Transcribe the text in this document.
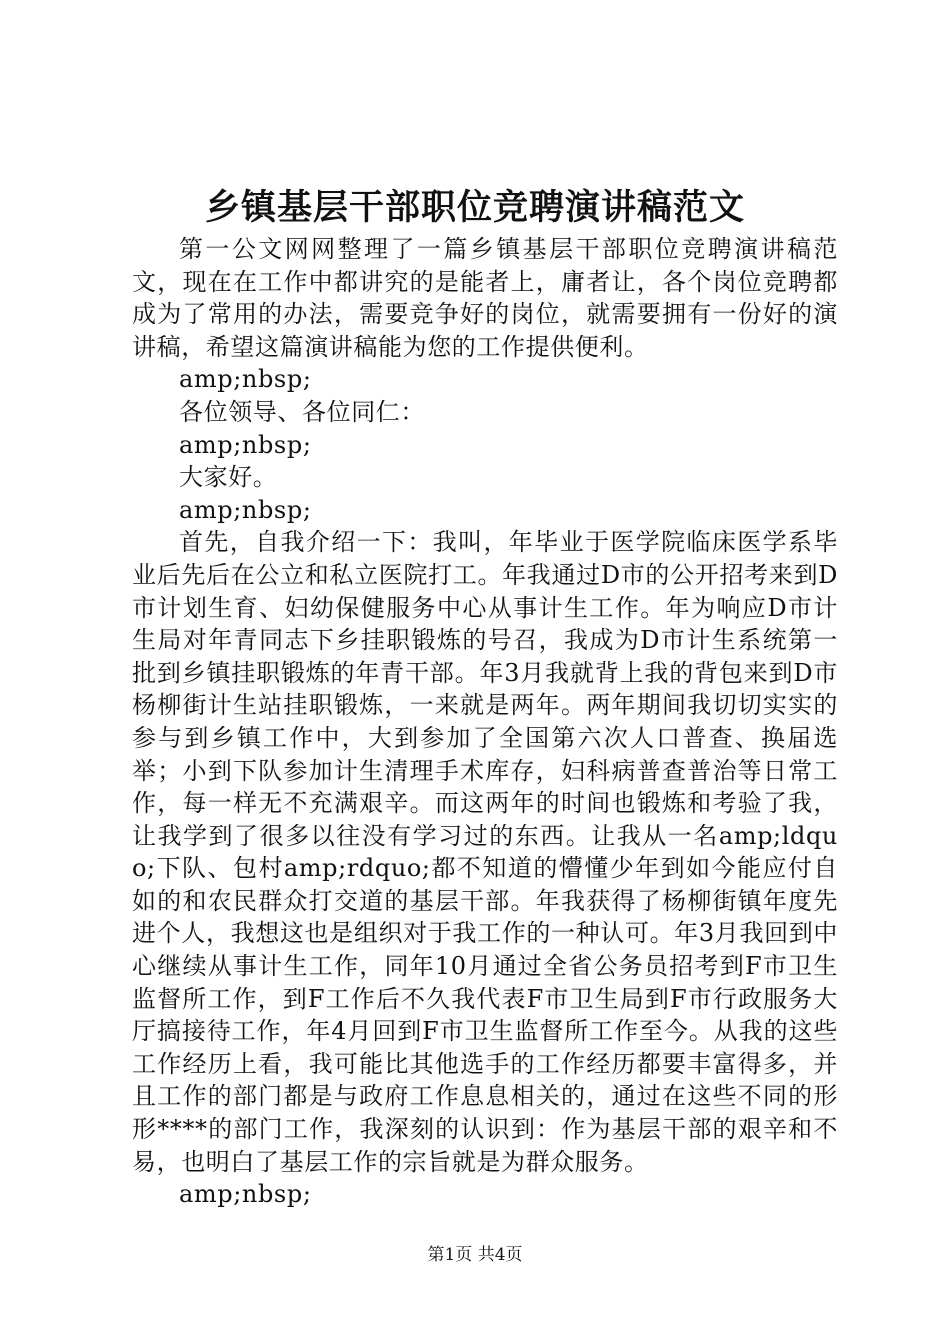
乡镇基层干部职位竞聘演讲稿范文

第一公文网网整理了一篇乡镇基层干部职位竞聘演讲稿范文，现在在工作中都讲究的是能者上，庸者让，各个岗位竞聘都成为了常用的办法，需要竞争好的岗位，就需要拥有一份好的演讲稿，希望这篇演讲稿能为您的工作提供便利。

amp;nbsp;

各位领导、各位同仁：

amp;nbsp;

大家好。

amp;nbsp;

首先，自我介绍一下：我叫，年毕业于医学院临床医学系毕业后先后在公立和私立医院打工。年我通过D市的公开招考来到D市计划生育、妇幼保健服务中心从事计生工作。年为响应D市计生局对年青同志下乡挂职锻炼的号召，我成为D市计生系统第一批到乡镇挂职锻炼的年青干部。年3月我就背上我的背包来到D市杨柳街计生站挂职锻炼，一来就是两年。两年期间我切切实实的参与到乡镇工作中，大到参加了全国第六次人口普查、换届选举；小到下队参加计生清理手术库存，妇科病普查普治等日常工作，每一样无不充满艰辛。而这两年的时间也锻炼和考验了我，让我学到了很多以往没有学习过的东西。让我从一名amp;ldquo;下队、包村amp;rdquo;都不知道的懵懂少年到如今能应付自如的和农民群众打交道的基层干部。年我获得了杨柳街镇年度先进个人，我想这也是组织对于我工作的一种认可。年3月我回到中心继续从事计生工作，同年10月通过全省公务员招考到F市卫生监督所工作，到F工作后不久我代表F市卫生局到F市行政服务大厅搞接待工作，年4月回到F市卫生监督所工作至今。从我的这些工作经历上看，我可能比其他选手的工作经历都要丰富得多，并且工作的部门都是与政府工作息息相关的，通过在这些不同的形形****的部门工作，我深刻的认识到：作为基层干部的艰辛和不易，也明白了基层工作的宗旨就是为群众服务。

amp;nbsp;

第1页 共4页
